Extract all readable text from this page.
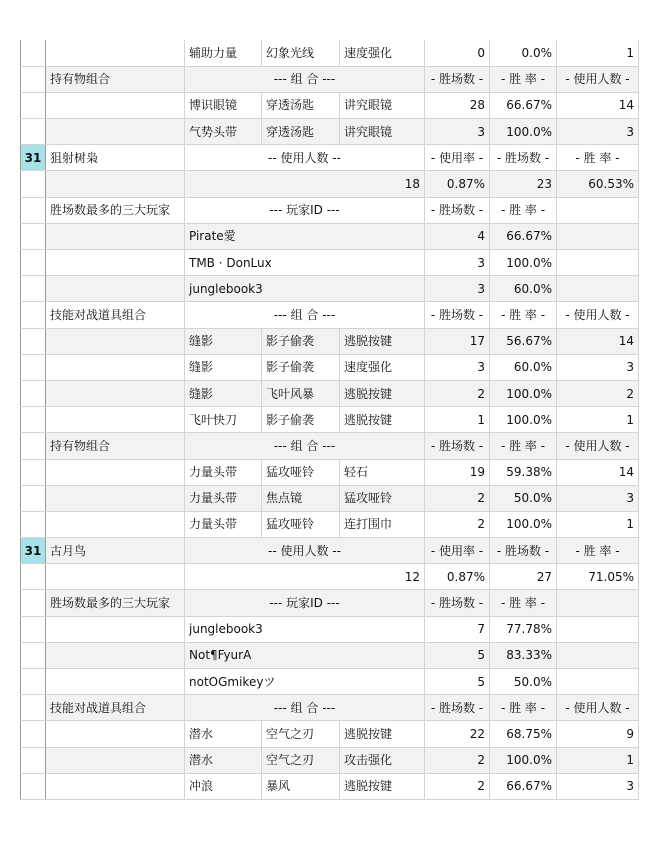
		辅助力量	幻象光线	速度强化	0	0.0%	1
	持有物组合	--- 组 合 ---			- 胜场数 -	- 胜 率 -	- 使用人数 -
		博识眼镜	穿透汤匙	讲究眼镜	28	66.67%	14
		气势头带	穿透汤匙	讲究眼镜	3	100.0%	3
31	狙射树枭	-- 使用人数 --			- 使用率 -	- 胜场数 -	- 胜 率 -
		18			0.87%	23	60.53%
	胜场数最多的三大玩家	--- 玩家ID ---			- 胜场数 -	- 胜 率 -	
		Pirate愛			4	66.67%	
		TMB · DonLux			3	100.0%	
		junglebook3			3	60.0%	
	技能对战道具组合	--- 组 合 ---			- 胜场数 -	- 胜 率 -	- 使用人数 -
		缝影	影子偷袭	逃脱按键	17	56.67%	14
		缝影	影子偷袭	速度强化	3	60.0%	3
		缝影	飞叶风暴	逃脱按键	2	100.0%	2
		飞叶快刀	影子偷袭	逃脱按键	1	100.0%	1
	持有物组合	--- 组 合 ---			- 胜场数 -	- 胜 率 -	- 使用人数 -
		力量头带	猛攻哑铃	轻石	19	59.38%	14
		力量头带	焦点镜	猛攻哑铃	2	50.0%	3
		力量头带	猛攻哑铃	连打围巾	2	100.0%	1
31	古月鸟	-- 使用人数 --			- 使用率 -	- 胜场数 -	- 胜 率 -
		12			0.87%	27	71.05%
	胜场数最多的三大玩家	--- 玩家ID ---			- 胜场数 -	- 胜 率 -	
		junglebook3			7	77.78%	
		Not¶FyurA			5	83.33%	
		notOGmikeyツ			5	50.0%	
	技能对战道具组合	--- 组 合 ---			- 胜场数 -	- 胜 率 -	- 使用人数 -
		潜水	空气之刃	逃脱按键	22	68.75%	9
		潜水	空气之刃	攻击强化	2	100.0%	1
		冲浪	暴风	逃脱按键	2	66.67%	3
